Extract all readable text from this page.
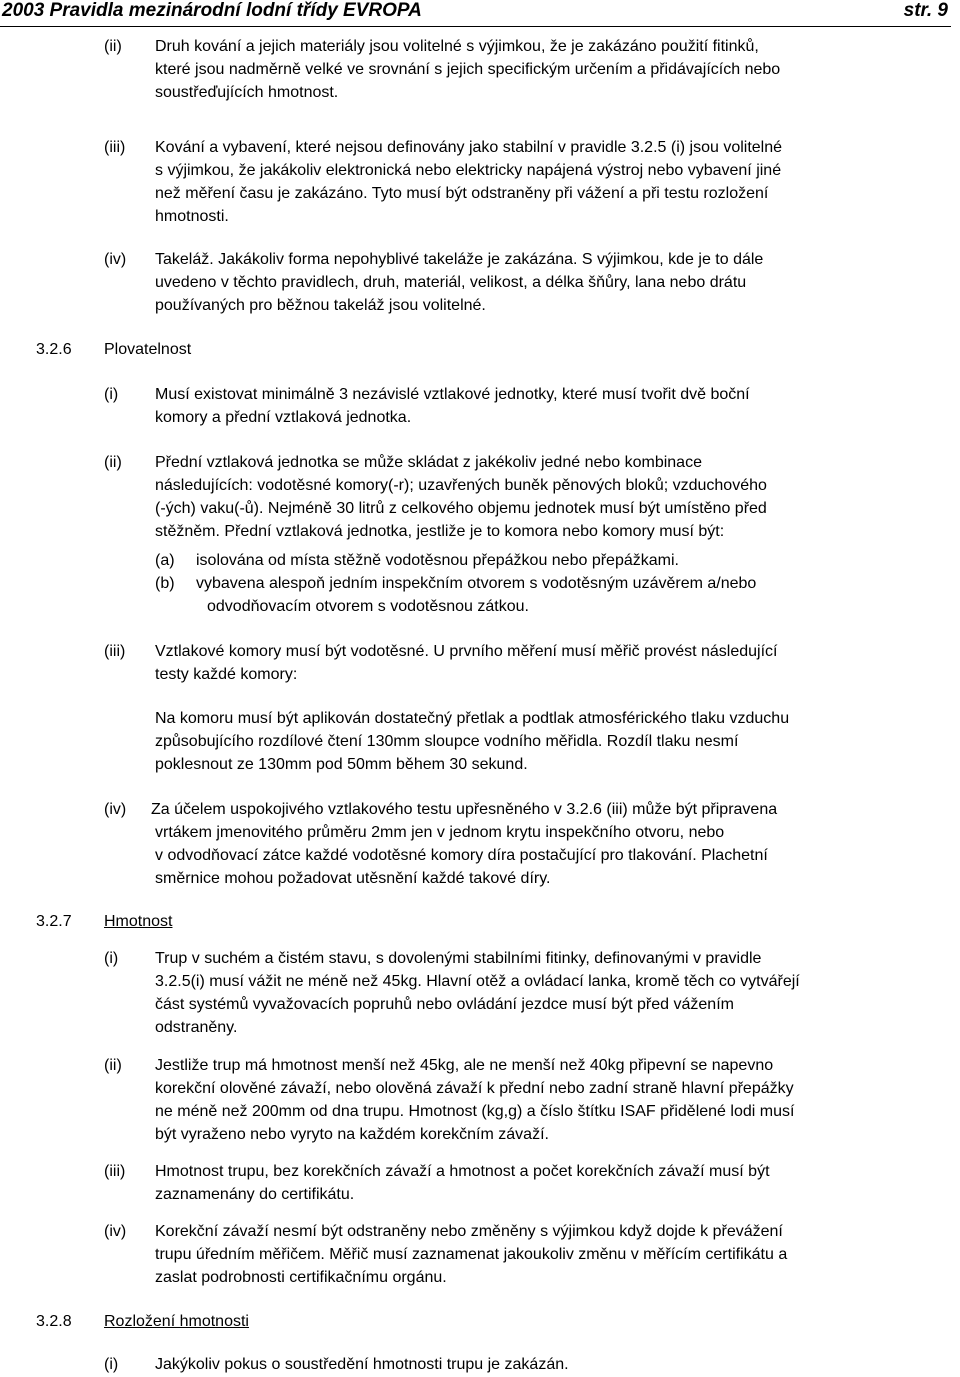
2003 Pravidla mezinárodní lodní třídy EVROPA	str. 9
(ii) Druh kování a jejich materiály jsou volitelné s výjimkou, že je zakázáno použití fitinků,

které jsou nadměrně velké ve srovnání s jejich specifickým určením a přidávajících nebo

soustřeďujících hmotnost.

(iii) Kování a vybavení, které nejsou definovány jako stabilní v pravidle 3.2.5 (i) jsou volitelné

s výjimkou, že jakákoliv elektronická nebo elektricky napájená výstroj nebo vybavení jiné

než měření času je zakázáno. Tyto musí být odstraněny při vážení a při testu rozložení

hmotnosti.

(iv) Takeláž. Jakákoliv forma nepohyblivé takeláže je zakázána. S výjimkou, kde je to dále

uvedeno v těchto pravidlech, druh, materiál, velikost, a délka šňůry, lana nebo drátu

používaných pro běžnou takeláž jsou volitelné.

3.2.6 Plovatelnost
(i) Musí existovat minimálně 3 nezávislé vztlakové jednotky, které musí tvořit dvě boční

komory a přední vztlaková jednotka.

(ii) Přední vztlaková jednotka se může skládat z jakékoliv jedné nebo kombinace

následujících: vodotěsné komory(-r); uzavřených buněk pěnových bloků; vzduchového

(-ých) vaku(-ů). Nejméně 30 litrů z celkového objemu jednotek musí být umístěno před

stěžněm. Přední vztlaková jednotka, jestliže je to komora nebo komory musí být:

(a) isolována od místa stěžně vodotěsnou přepážkou nebo přepážkami.
(b) vybavena alespoň jedním inspekčním otvorem s vodotěsným uzávěrem a/nebo
odvodňovacím otvorem s vodotěsnou zátkou.
(iii) Vztlakové komory musí být vodotěsné. U prvního měření musí měřič provést následující

testy každé komory:

Na komoru musí být aplikován dostatečný přetlak a podtlak atmosférického tlaku vzduchu

způsobujícího rozdílové čtení 130mm sloupce vodního měřidla. Rozdíl tlaku nesmí

poklesnout ze 130mm pod 50mm během 30 sekund.

(iv) Za účelem uspokojivého vztlakového testu upřesněného v 3.2.6 (iii) může být připravena

vrtákem jmenovitého průměru 2mm jen v jednom krytu inspekčního otvoru, nebo

v odvodňovací zátce každé vodotěsné komory díra postačující pro tlakování. Plachetní

směrnice mohou požadovat utěsnění každé takové díry.

3.2.7 Hmotnost
(i) Trup v suchém a čistém stavu, s dovolenými stabilními fitinky, definovanými v pravidle

3.2.5(i) musí vážit ne méně než 45kg. Hlavní otěž a ovládací lanka, kromě těch co vytvářejí

část systémů vyvažovacích popruhů nebo ovládání jezdce musí být před vážením

odstraněny.

(ii) Jestliže trup má hmotnost menší než 45kg, ale ne menší než 40kg připevní se napevno

korekční olověné závaží, nebo olověná závaží k přední nebo zadní straně hlavní přepážky

ne méně než 200mm od dna trupu. Hmotnost (kg,g) a číslo štítku ISAF přidělené lodi musí

být vyraženo nebo vyryto na každém korekčním závaží.

(iii) Hmotnost trupu, bez korekčních závaží a hmotnost a počet korekčních závaží musí být

zaznamenány do certifikátu.

(iv) Korekční závaží nesmí být odstraněny nebo změněny s výjimkou když dojde k převážení

trupu úředním měřičem. Měřič musí zaznamenat jakoukoliv změnu v měřícím certifikátu a

zaslat podrobnosti certifikačnímu orgánu.

3.2.8 Rozložení hmotnosti
(i) Jakýkoliv pokus o soustředění hmotnosti trupu je zakázán.
